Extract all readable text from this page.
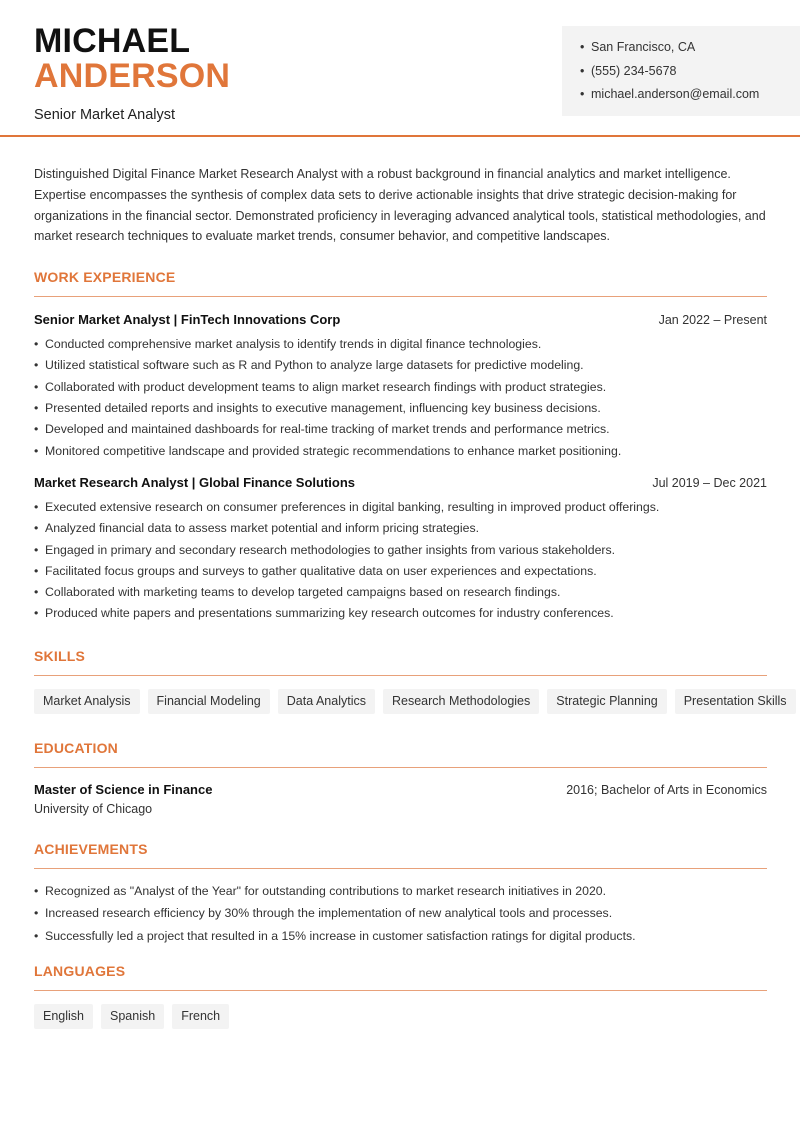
MICHAEL
ANDERSON
Senior Market Analyst
• San Francisco, CA
• (555) 234-5678
• michael.anderson@email.com

Distinguished Digital Finance Market Research Analyst with a robust background in financial analytics and market intelligence. Expertise encompasses the synthesis of complex data sets to derive actionable insights that drive strategic decision-making for organizations in the financial sector. Demonstrated proficiency in leveraging advanced analytical tools, statistical methodologies, and market research techniques to evaluate market trends, consumer behavior, and competitive landscapes.

WORK EXPERIENCE
Senior Market Analyst | FinTech Innovations Corp	Jan 2022 – Present
• Conducted comprehensive market analysis to identify trends in digital finance technologies.
• Utilized statistical software such as R and Python to analyze large datasets for predictive modeling.
• Collaborated with product development teams to align market research findings with product strategies.
• Presented detailed reports and insights to executive management, influencing key business decisions.
• Developed and maintained dashboards for real-time tracking of market trends and performance metrics.
• Monitored competitive landscape and provided strategic recommendations to enhance market positioning.
Market Research Analyst | Global Finance Solutions	Jul 2019 – Dec 2021
• Executed extensive research on consumer preferences in digital banking, resulting in improved product offerings.
• Analyzed financial data to assess market potential and inform pricing strategies.
• Engaged in primary and secondary research methodologies to gather insights from various stakeholders.
• Facilitated focus groups and surveys to gather qualitative data on user experiences and expectations.
• Collaborated with marketing teams to develop targeted campaigns based on research findings.
• Produced white papers and presentations summarizing key research outcomes for industry conferences.
SKILLS
Market Analysis	Financial Modeling	Data Analytics	Research Methodologies	Strategic Planning	Presentation Skills
EDUCATION
Master of Science in Finance	2016; Bachelor of Arts in Economics
University of Chicago
ACHIEVEMENTS
• Recognized as "Analyst of the Year" for outstanding contributions to market research initiatives in 2020.
• Increased research efficiency by 30% through the implementation of new analytical tools and processes.
• Successfully led a project that resulted in a 15% increase in customer satisfaction ratings for digital products.
LANGUAGES
English	Spanish	French
